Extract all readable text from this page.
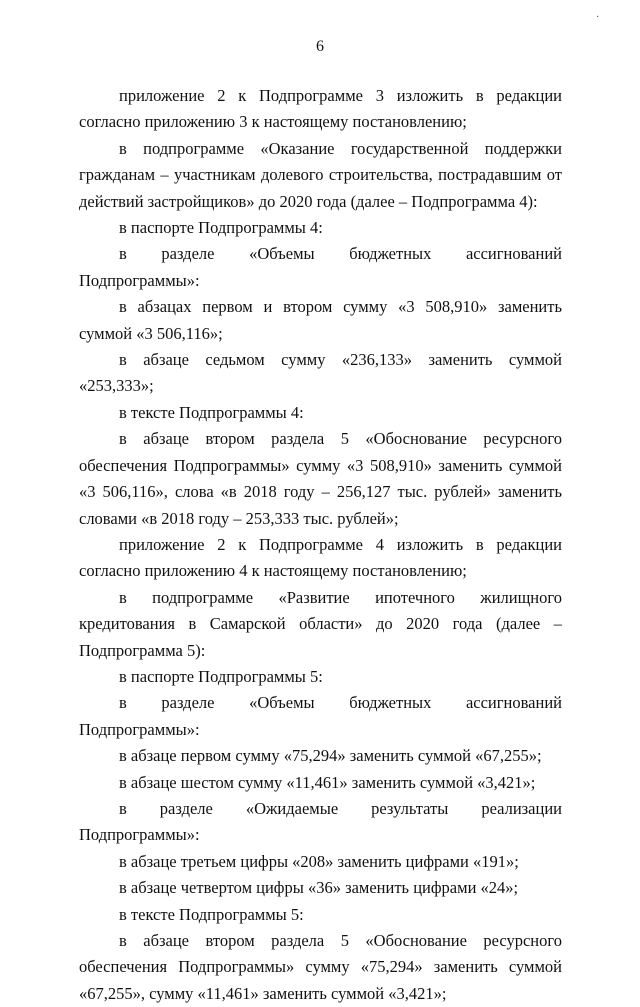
·
6

приложение 2 к Подпрограмме 3 изложить в редакции согласно приложению 3 к настоящему постановлению;

в подпрограмме «Оказание государственной поддержки гражданам – участникам долевого строительства, пострадавшим от действий застройщиков» до 2020 года (далее – Подпрограмма 4):

в паспорте Подпрограммы 4:

в разделе «Объемы бюджетных ассигнований Подпрограммы»:

в абзацах первом и втором сумму «3 508,910» заменить суммой «3 506,116»;

в абзаце седьмом сумму «236,133» заменить суммой «253,333»;

в тексте Подпрограммы 4:

в абзаце втором раздела 5 «Обоснование ресурсного обеспечения Подпрограммы» сумму «3 508,910» заменить суммой «3 506,116», слова «в 2018 году – 256,127 тыс. рублей» заменить словами «в 2018 году – 253,333 тыс. рублей»;

приложение 2 к Подпрограмме 4 изложить в редакции согласно приложению 4 к настоящему постановлению;

в подпрограмме «Развитие ипотечного жилищного кредитования в Самарской области» до 2020 года (далее – Подпрограмма 5):

в паспорте Подпрограммы 5:

в разделе «Объемы бюджетных ассигнований Подпрограммы»:

в абзаце первом сумму «75,294» заменить суммой «67,255»;

в абзаце шестом сумму «11,461» заменить суммой «3,421»;

в разделе «Ожидаемые результаты реализации Подпрограммы»:

в абзаце третьем цифры «208» заменить цифрами «191»;

в абзаце четвертом цифры «36» заменить цифрами «24»;

в тексте Подпрограммы 5:

в абзаце втором раздела 5 «Обоснование ресурсного обеспечения Подпрограммы» сумму «75,294» заменить суммой «67,255», сумму «11,461» заменить суммой «3,421»;
